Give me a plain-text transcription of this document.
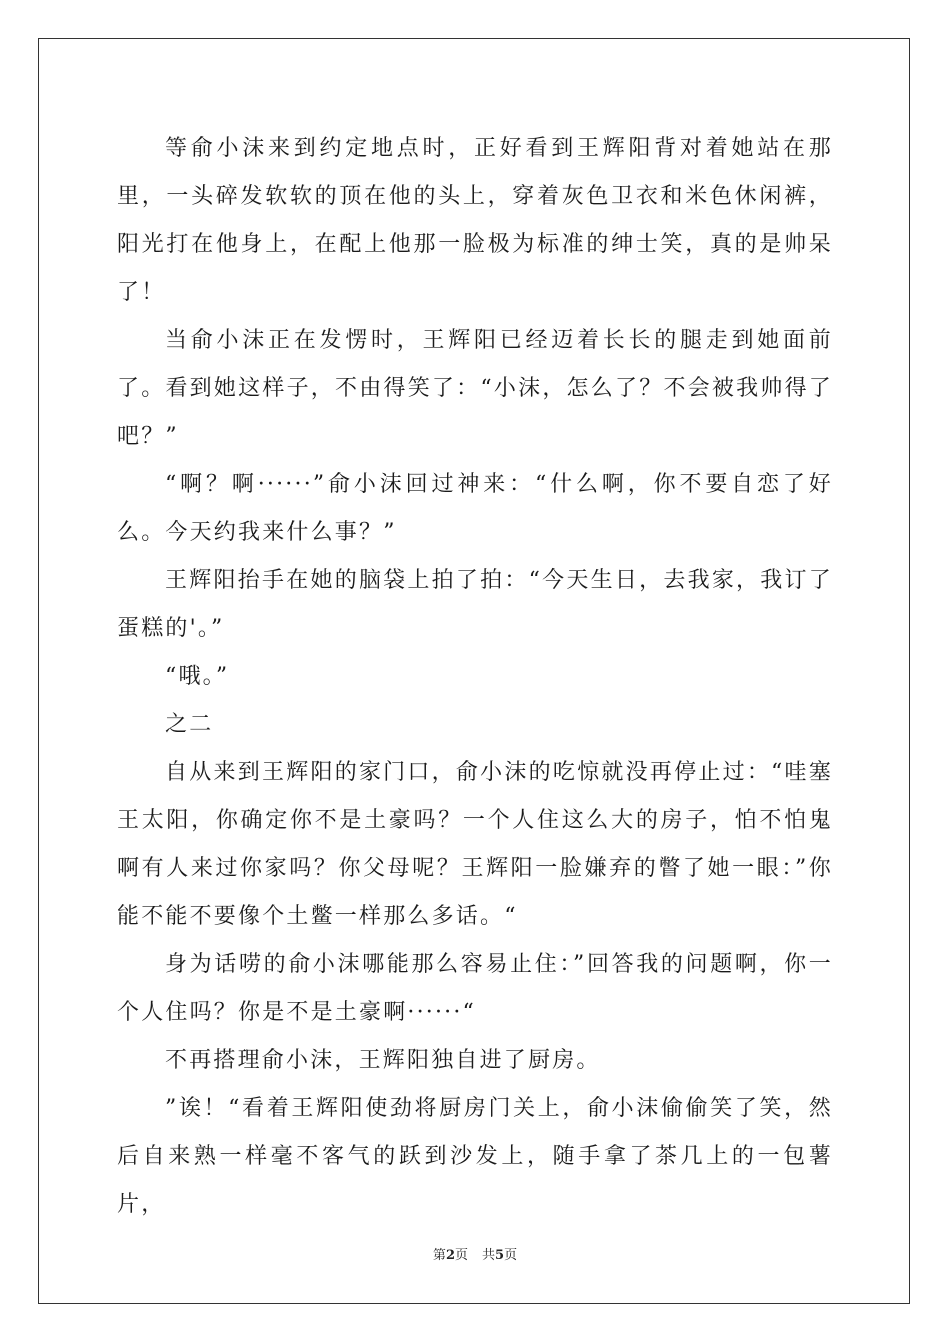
等俞小沫来到约定地点时，正好看到王辉阳背对着她站在那里，一头碎发软软的顶在他的头上，穿着灰色卫衣和米色休闲裤，阳光打在他身上，在配上他那一脸极为标准的绅士笑，真的是帅呆了！

当俞小沫正在发愣时，王辉阳已经迈着长长的腿走到她面前了。看到她这样子，不由得笑了：“小沫，怎么了？不会被我帅得了吧？”

“啊？啊······”俞小沫回过神来：“什么啊，你不要自恋了好么。今天约我来什么事？”

王辉阳抬手在她的脑袋上拍了拍：“今天生日，去我家，我订了蛋糕的'。”

“哦。”

之二

自从来到王辉阳的家门口，俞小沫的吃惊就没再停止过：“哇塞王太阳，你确定你不是土豪吗？一个人住这么大的房子，怕不怕鬼啊有人来过你家吗？你父母呢？王辉阳一脸嫌弃的瞥了她一眼：”你能不能不要像个土鳖一样那么多话。“

身为话唠的俞小沫哪能那么容易止住：”回答我的问题啊，你一个人住吗？你是不是土豪啊······“

不再搭理俞小沫，王辉阳独自进了厨房。

”诶！“看着王辉阳使劲将厨房门关上，俞小沫偷偷笑了笑，然后自来熟一样毫不客气的跃到沙发上，随手拿了茶几上的一包薯片，

第2页 共5页
